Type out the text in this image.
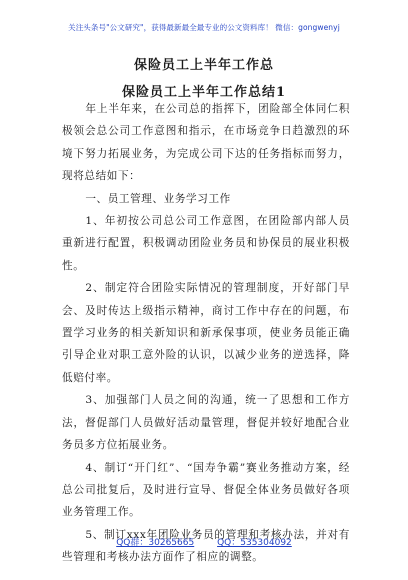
关注头条号"公文研究"，获得最新最全最专业的公文资料库！ 微信：gongwenyj
保险员工上半年工作总
保险员工上半年工作总结1

年上半年来，在公司总的指挥下，团险部全体同仁积极领会总公司工作意图和指示，在市场竞争日趋激烈的环境下努力拓展业务，为完成公司下达的任务指标而努力，现将总结如下：

一、员工管理、业务学习工作

1、年初按公司总公司工作意图，在团险部内部人员重新进行配置，积极调动团险业务员和协保员的展业积极性。

2、制定符合团险实际情况的管理制度，开好部门早会、及时传达上级指示精神，商讨工作中存在的问题，布置学习业务的相关新知识和新承保事项，使业务员能正确引导企业对职工意外险的认识，以减少业务的逆选择，降低赔付率。

3、加强部门人员之间的沟通，统一了思想和工作方法，督促部门人员做好活动量管理，督促并较好地配合业务员多方位拓展业务。

4、制订“开门红”、“国寿争霸”赛业务推动方案，经总公司批复后，及时进行宣导、督促全体业务员做好各项业务管理工作。

5、制订xxx年团险业务员的管理和考核办法，并对有些管理和考核办法方面作了相应的调整。

QQ群：30265665	QQ：535304092
